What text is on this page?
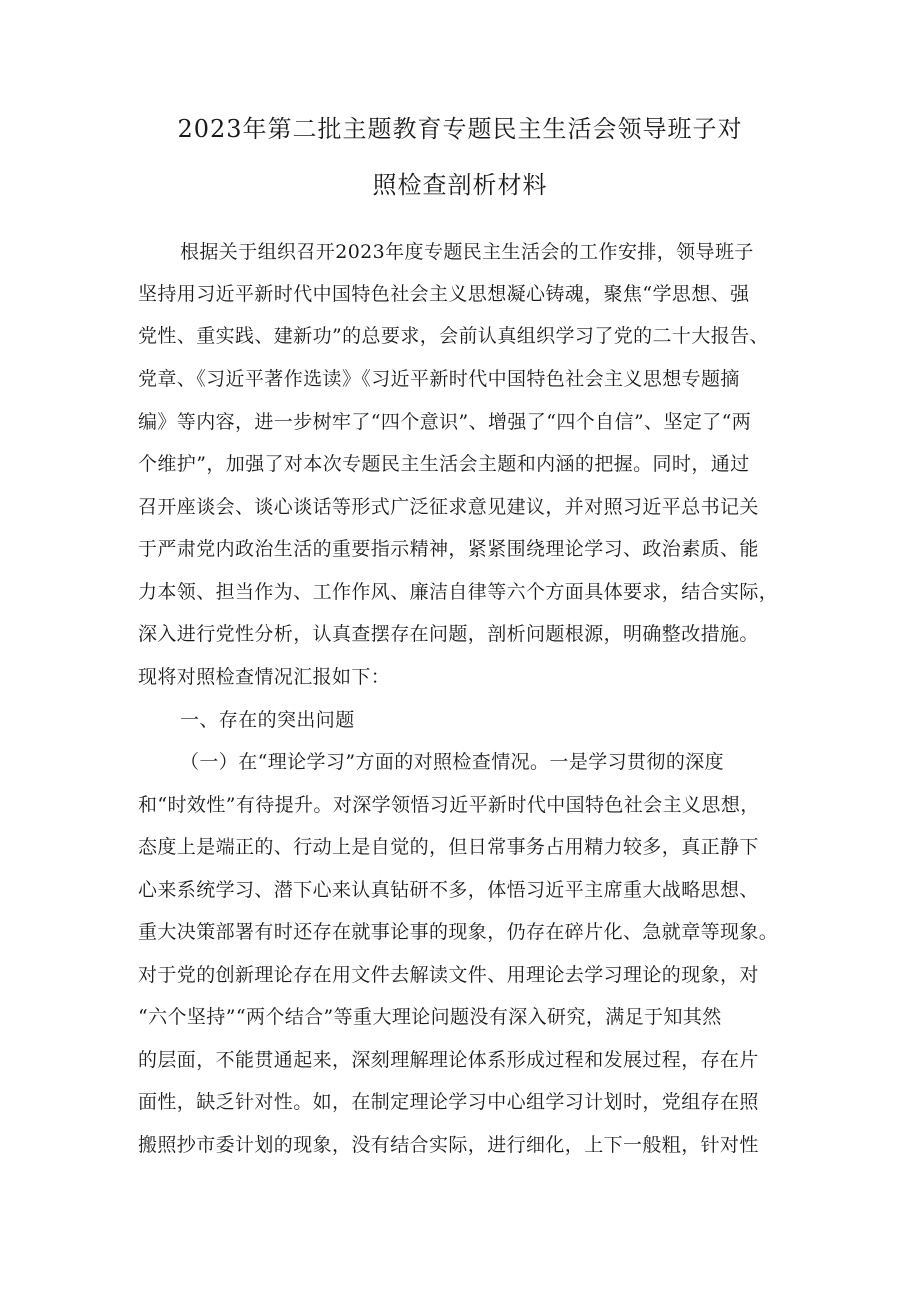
2023年第二批主题教育专题民主生活会领导班子对
照检查剖析材料
根据关于组织召开2023年度专题民主生活会的工作安排，领导班子
坚持用习近平新时代中国特色社会主义思想凝心铸魂，聚焦“学思想、强
党性、重实践、建新功”的总要求，会前认真组织学习了党的二十大报告、
党章、《习近平著作选读》《习近平新时代中国特色社会主义思想专题摘
编》等内容，进一步树牢了“四个意识”、增强了“四个自信”、坚定了“两
个维护”，加强了对本次专题民主生活会主题和内涵的把握。同时，通过
召开座谈会、谈心谈话等形式广泛征求意见建议，并对照习近平总书记关
于严肃党内政治生活的重要指示精神，紧紧围绕理论学习、政治素质、能
力本领、担当作为、工作作风、廉洁自律等六个方面具体要求，结合实际，
深入进行党性分析，认真查摆存在问题，剖析问题根源，明确整改措施。
现将对照检查情况汇报如下：
一、存在的突出问题
（一）在“理论学习”方面的对照检查情况。一是学习贯彻的深度
和“时效性”有待提升。对深学领悟习近平新时代中国特色社会主义思想，
态度上是端正的、行动上是自觉的，但日常事务占用精力较多，真正静下
心来系统学习、潜下心来认真钻研不多，体悟习近平主席重大战略思想、
重大决策部署有时还存在就事论事的现象，仍存在碎片化、急就章等现象。
对于党的创新理论存在用文件去解读文件、用理论去学习理论的现象，对
“六个坚持”“两个结合”等重大理论问题没有深入研究，满足于知其然
的层面，不能贯通起来，深刻理解理论体系形成过程和发展过程，存在片
面性，缺乏针对性。如，在制定理论学习中心组学习计划时，党组存在照
搬照抄市委计划的现象，没有结合实际，进行细化，上下一般粗，针对性
